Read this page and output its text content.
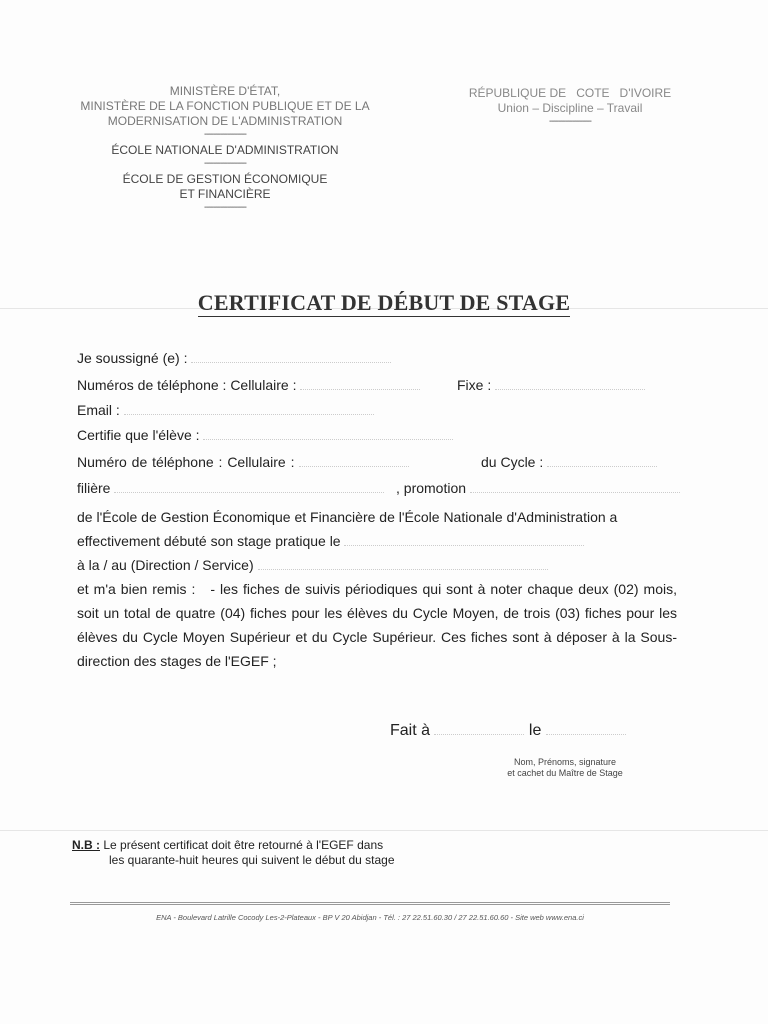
MINISTÈRE D'ÉTAT,
MINISTÈRE DE LA FONCTION PUBLIQUE ET DE LA
MODERNISATION DE L'ADMINISTRATION
------------------
ÉCOLE NATIONALE D'ADMINISTRATION
------------------
ÉCOLE DE GESTION ÉCONOMIQUE
ET FINANCIÈRE
------------------
RÉPUBLIQUE DE   COTE   D'IVOIRE
Union – Discipline – Travail
------------------
CERTIFICAT DE DÉBUT DE STAGE
Je soussigné (e) :
Numéros de téléphone : Cellulaire :	Fixe :
Email :
Certifie que l'élève :
Numéro de téléphone : Cellulaire :	du Cycle :
filière	, promotion
de l'École de Gestion Économique et Financière de l'École Nationale d'Administration a
effectivement débuté son stage pratique le
à la / au (Direction / Service)
et m'a bien remis :   - les fiches de suivis périodiques qui sont à noter chaque deux (02) mois, soit un total de quatre (04) fiches pour les élèves du Cycle Moyen, de trois (03) fiches pour les élèves du Cycle Moyen Supérieur et du Cycle Supérieur. Ces fiches sont à déposer à la Sous-direction des stages de l'EGEF ;
Fait à	le
Nom, Prénoms, signature
et cachet du Maître de Stage
N.B : Le présent certificat doit être retourné à l'EGEF dans
les quarante-huit heures qui suivent le début du stage
ENA - Boulevard Latrille Cocody Les-2-Plateaux - BP V 20 Abidjan - Tél. : 27 22.51.60.30 / 27 22.51.60.60 - Site web www.ena.ci
